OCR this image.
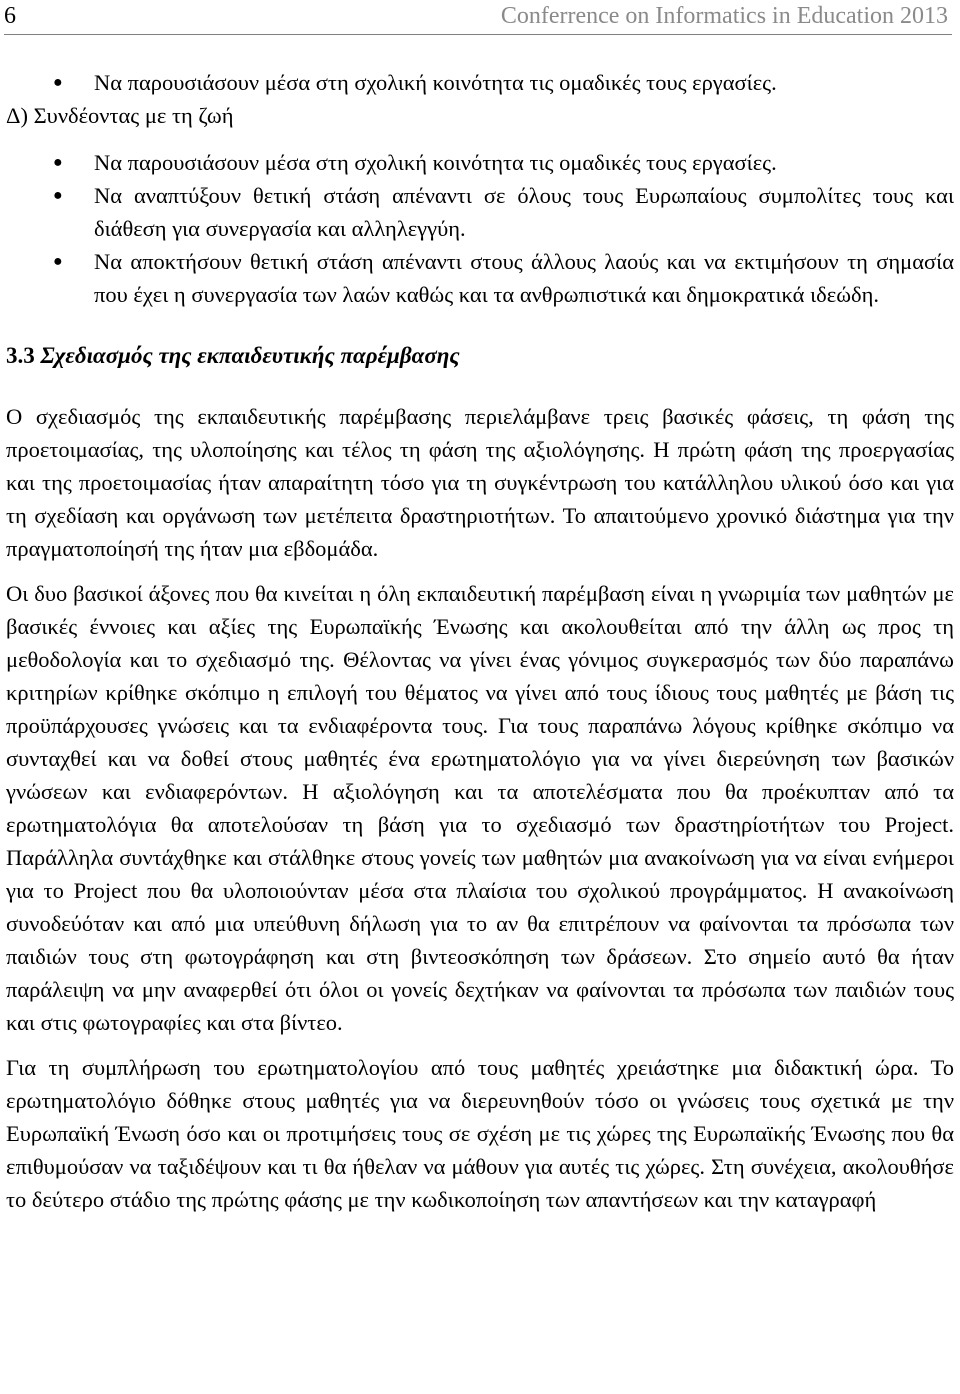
6	Conferrence on Informatics in Education 2013
● Να παρουσιάσουν μέσα στη σχολική κοινότητα τις ομαδικές τους εργασίες.

Δ) Συνδέοντας με τη ζωή

● Να παρουσιάσουν μέσα στη σχολική κοινότητα τις ομαδικές τους εργασίες.
● Να αναπτύξουν θετική στάση απέναντι σε όλους τους Ευρωπαίους συμπολίτες τους και διάθεση για συνεργασία και αλληλεγγύη.
● Να αποκτήσουν θετική στάση απέναντι στους άλλους λαούς και να εκτιμήσουν τη σημασία που έχει η συνεργασία των λαών καθώς και τα ανθρωπιστικά και δημοκρατικά ιδεώδη.
3.3 Σχεδιασμός της εκπαιδευτικής παρέμβασης

Ο σχεδιασμός της εκπαιδευτικής παρέμβασης περιελάμβανε τρεις βασικές φάσεις, τη φάση της προετοιμασίας, της υλοποίησης και τέλος τη φάση της αξιολόγησης. Η πρώτη φάση της προεργασίας και της προετοιμασίας ήταν απαραίτητη τόσο για τη συγκέντρωση του κατάλληλου υλικού όσο και για τη σχεδίαση και οργάνωση των μετέπειτα δραστηριοτήτων. Το απαιτούμενο χρονικό διάστημα για την πραγματοποίησή της ήταν μια εβδομάδα.

Οι δυο βασικοί άξονες που θα κινείται η όλη εκπαιδευτική παρέμβαση είναι η γνωριμία των μαθητών με βασικές έννοιες και αξίες της Ευρωπαϊκής Ένωσης και ακολουθείται από την άλλη ως προς τη μεθοδολογία και το σχεδιασμό της. Θέλοντας να γίνει ένας γόνιμος συγκερασμός των δύο παραπάνω κριτηρίων κρίθηκε σκόπιμο η επιλογή του θέματος να γίνει από τους ίδιους τους μαθητές με βάση τις προϋπάρχουσες γνώσεις και τα ενδιαφέροντα τους. Για τους παραπάνω λόγους κρίθηκε σκόπιμο να συνταχθεί και να δοθεί στους μαθητές ένα ερωτηματολόγιο για να γίνει διερεύνηση των βασικών γνώσεων και ενδιαφερόντων. Η αξιολόγηση και τα αποτελέσματα που θα προέκυπταν από τα ερωτηματολόγια θα αποτελούσαν τη βάση για το σχεδιασμό των δραστηρίοτήτων του Project. Παράλληλα συντάχθηκε και στάλθηκε στους γονείς των μαθητών μια ανακοίνωση για να είναι ενήμεροι για το Project που θα υλοποιούνταν μέσα στα πλαίσια του σχολικού προγράμματος. Η ανακοίνωση συνοδεύόταν και από μια υπεύθυνη δήλωση για το αν θα επιτρέπουν να φαίνονται τα πρόσωπα των παιδιών τους στη φωτογράφηση και στη βιντεοσκόπηση των δράσεων. Στο σημείο αυτό θα ήταν παράλειψη να μην αναφερθεί ότι όλοι οι γονείς δεχτήκαν να φαίνονται τα πρόσωπα των παιδιών τους και στις φωτογραφίες και στα βίντεο.

Για τη συμπλήρωση του ερωτηματολογίου από τους μαθητές χρειάστηκε μια διδακτική ώρα. Το ερωτηματολόγιο δόθηκε στους μαθητές για να διερευνηθούν τόσο οι γνώσεις τους σχετικά με την Ευρωπαϊκή Ένωση όσο και οι προτιμήσεις τους σε σχέση με τις χώρες της Ευρωπαϊκής Ένωσης που θα επιθυμούσαν να ταξιδέψουν και τι θα ήθελαν να μάθουν για αυτές τις χώρες. Στη συνέχεια, ακολουθήσε το δεύτερο στάδιο της πρώτης φάσης με την κωδικοποίηση των απαντήσεων και την καταγραφή
